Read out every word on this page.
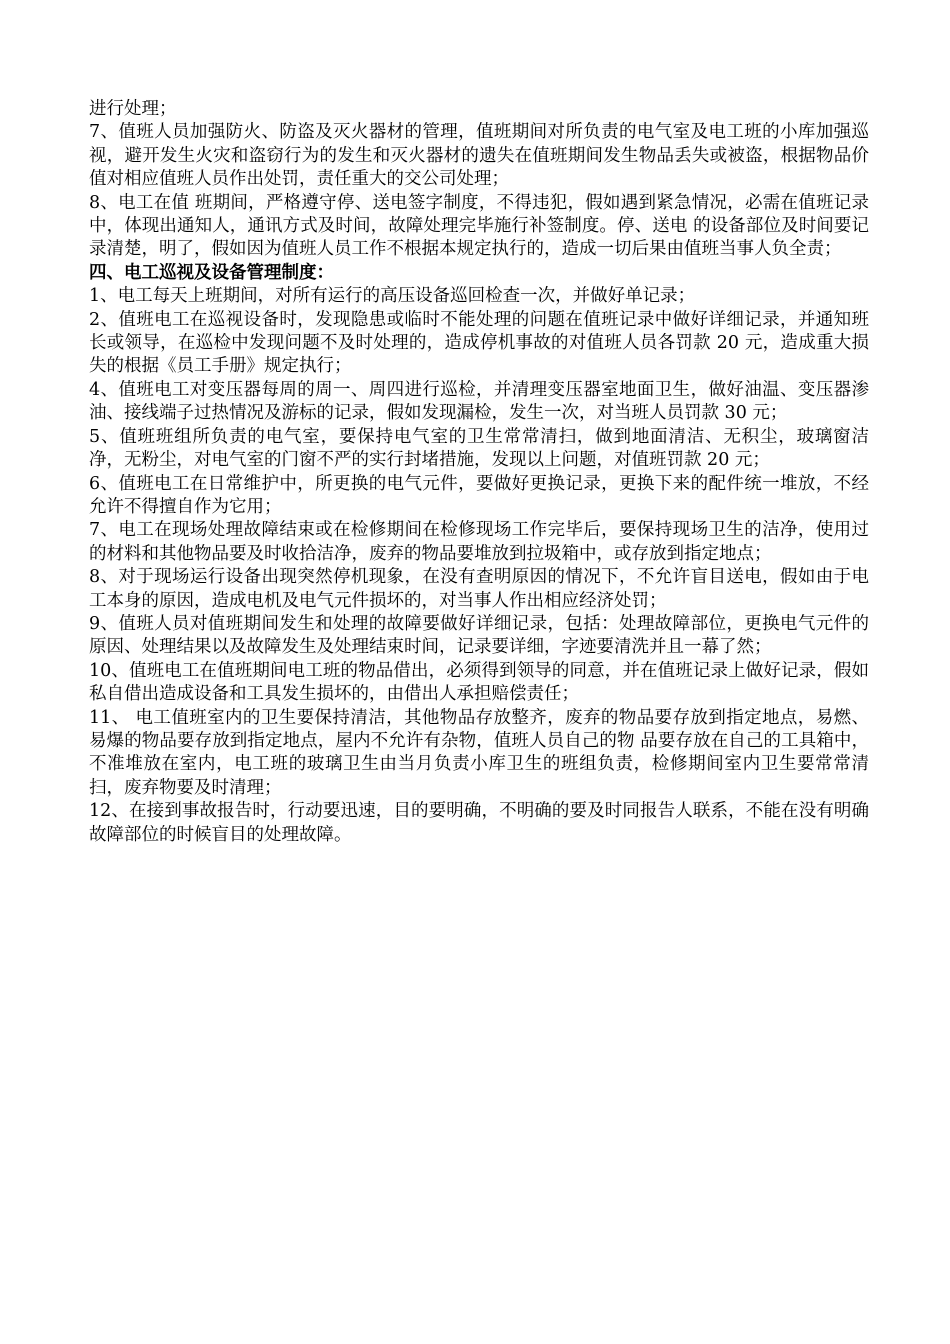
进行处理；

7、值班人员加强防火、防盗及灭火器材的管理，值班期间对所负责的电气室及电工班的小库加强巡视，避开发生火灾和盗窃行为的发生和灭火器材的遗失在值班期间发生物品丢失或被盗，根据物品价值对相应值班人员作出处罚，责任重大的交公司处理；

8、电工在值 班期间，严格遵守停、送电签字制度，不得违犯，假如遇到紧急情况，必需在值班记录中，体现出通知人，通讯方式及时间，故障处理完毕施行补签制度。停、送电 的设备部位及时间要记录清楚，明了，假如因为值班人员工作不根据本规定执行的，造成一切后果由值班当事人负全责；

四、电工巡视及设备管理制度：

1、电工每天上班期间，对所有运行的高压设备巡回检查一次，并做好单记录；

2、值班电工在巡视设备时，发现隐患或临时不能处理的问题在值班记录中做好详细记录，并通知班长或领导，在巡检中发现问题不及时处理的，造成停机事故的对值班人员各罚款 20 元，造成重大损失的根据《员工手册》规定执行；

4、值班电工对变压器每周的周一、周四进行巡检，并清理变压器室地面卫生，做好油温、变压器渗油、接线端子过热情况及游标的记录，假如发现漏检，发生一次，对当班人员罚款 30 元；

5、值班班组所负责的电气室，要保持电气室的卫生常常清扫，做到地面清洁、无积尘，玻璃窗洁净，无粉尘，对电气室的门窗不严的实行封堵措施，发现以上问题，对值班罚款 20 元；

6、值班电工在日常维护中，所更换的电气元件，要做好更换记录，更换下来的配件统一堆放，不经允许不得擅自作为它用；

7、电工在现场处理故障结束或在检修期间在检修现场工作完毕后，要保持现场卫生的洁净，使用过的材料和其他物品要及时收拾洁净，废弃的物品要堆放到拉圾箱中，或存放到指定地点；

8、对于现场运行设备出现突然停机现象，在没有查明原因的情况下，不允许盲目送电，假如由于电工本身的原因，造成电机及电气元件损坏的，对当事人作出相应经济处罚；

9、值班人员对值班期间发生和处理的故障要做好详细记录，包括：处理故障部位，更换电气元件的原因、处理结果以及故障发生及处理结束时间，记录要详细，字迹要清洗并且一幕了然；

10、值班电工在值班期间电工班的物品借出，必须得到领导的同意，并在值班记录上做好记录，假如私自借出造成设备和工具发生损坏的，由借出人承担赔偿责任；

11、 电工值班室内的卫生要保持清洁，其他物品存放整齐，废弃的物品要存放到指定地点，易燃、易爆的物品要存放到指定地点，屋内不允许有杂物，值班人员自己的物 品要存放在自己的工具箱中，不准堆放在室内，电工班的玻璃卫生由当月负责小库卫生的班组负责，检修期间室内卫生要常常清扫，废弃物要及时清理；

12、在接到事故报告时，行动要迅速，目的要明确，不明确的要及时同报告人联系，不能在没有明确故障部位的时候盲目的处理故障。
